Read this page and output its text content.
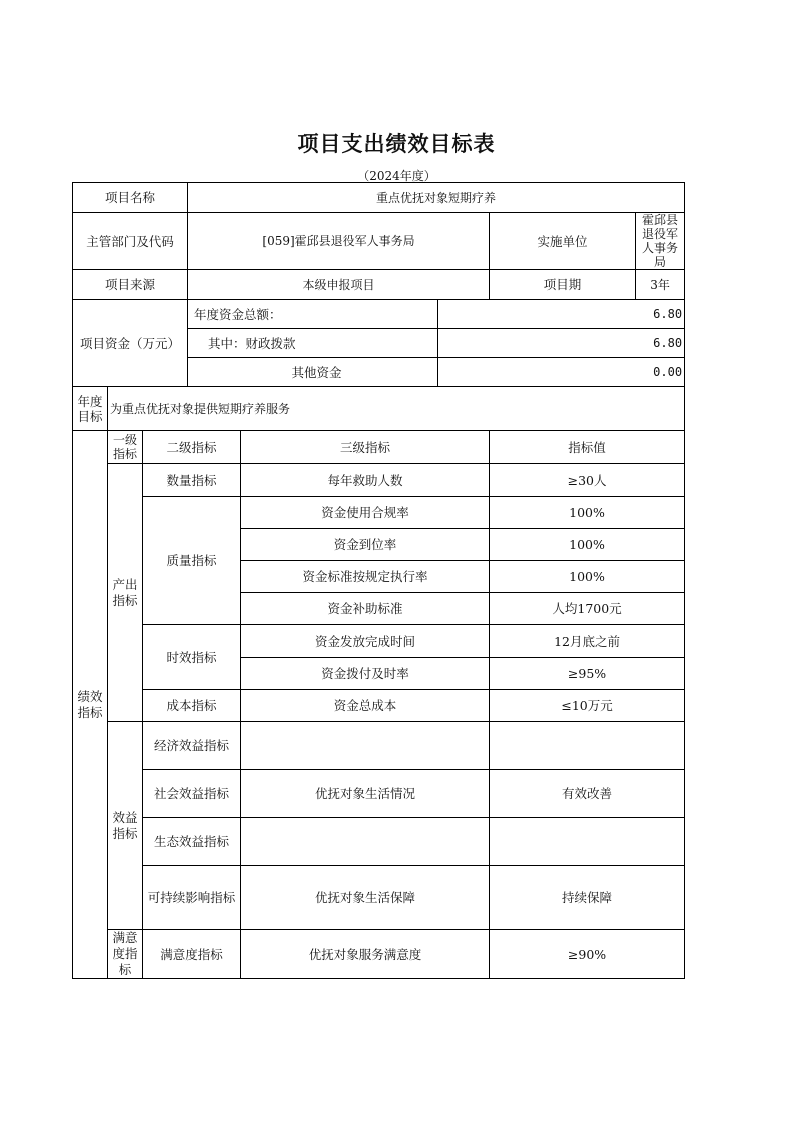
项目支出绩效目标表
（2024年度）
项目名称			重点优抚对象短期疗养				
主管部门及代码			[059]霍邱县退役军人事务局			实施单位	霍邱县退役军人事务局
项目来源			本级申报项目			项目期	3年
项目资金（万元）			年度资金总额：		6.80		
			其中：财政拨款		6.80		
			其他资金		0.00		
年度目标	为重点优抚对象提供短期疗养服务						
绩效指标	一级指标	二级指标		三级指标		指标值	
	产出指标	数量指标		每年救助人数		≥30人	
		质量指标		资金使用合规率		100%	
				资金到位率		100%	
				资金标准按规定执行率		100%	
				资金补助标准		人均1700元	
		时效指标		资金发放完成时间		12月底之前	
				资金拨付及时率		≥95%	
		成本指标		资金总成本		≤10万元	
	效益指标	经济效益指标					
		社会效益指标		优抚对象生活情况		有效改善	
		生态效益指标					
		可持续影响指标		优抚对象生活保障		持续保障	
	满意度指标	满意度指标		优抚对象服务满意度		≥90%	
